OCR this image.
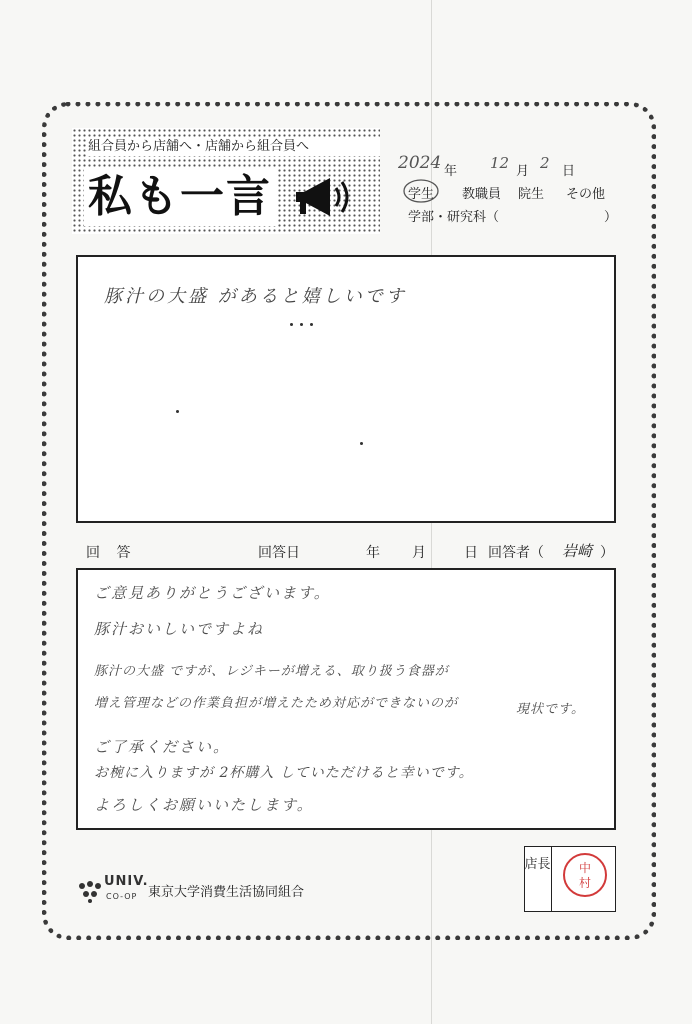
組合員から店舗へ・店舗から組合員へ
私も一言
2024 年 12 月 2 日
学生 教職員 院生 その他
学部・研究科（	）
豚汁の大盛 があると嬉しいです
回 答	回答日	年 月	日 回答者（ 岩崎 ）
ご意見ありがとうございます。
豚汁おいしいですよね
豚汁の大盛 ですが、レジキーが増える、取り扱う食器が
増え管理などの作業負担が増えたため対応ができないのが	現状です。
ご了承ください。
お椀に入りますが 2杯購入 していただけると幸いです。
よろしくお願いいたします。
店長 中
村
UNIV.
CO-OP 東京大学消費生活協同組合
